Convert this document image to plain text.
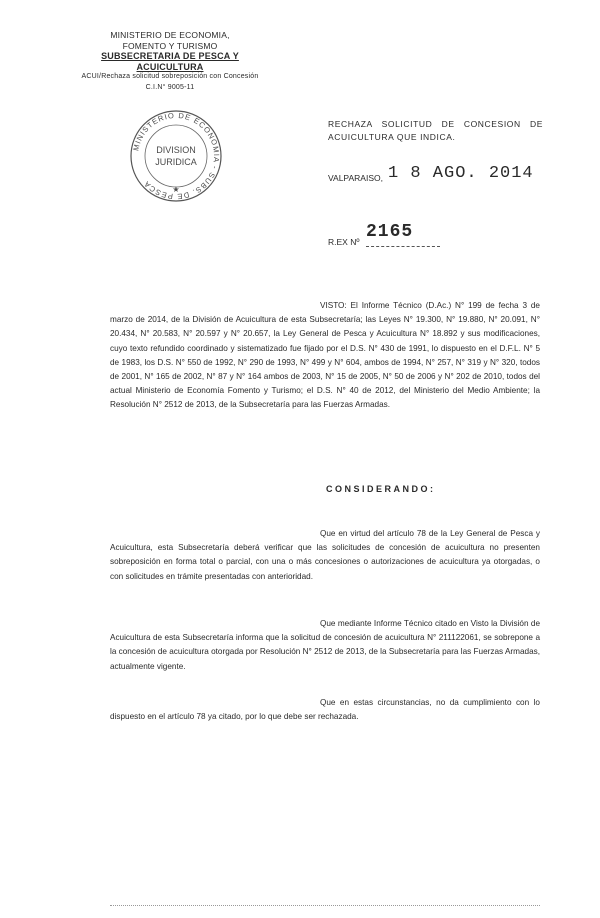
MINISTERIO DE ECONOMIA,
FOMENTO Y TURISMO
SUBSECRETARIA DE PESCA Y ACUICULTURA
ACUI/Rechaza solicitud sobreposición con Concesión
C.I.N° 9005-11
MINISTERIO DE ECONOMIA - SUBS. DE PESCA
DIVISION
JURIDICA
★
RECHAZA SOLICITUD DE CONCESION DE ACUICULTURA QUE INDICA.
VALPARAISO, 1 8 AGO. 2014
R.EX Nº 2165
VISTO: El Informe Técnico (D.Ac.) N° 199 de fecha 3 de marzo de 2014, de la División de Acuicultura de esta Subsecretaría; las Leyes N° 19.300, N° 19.880, N° 20.091, N° 20.434, N° 20.583, N° 20.597 y N° 20.657, la Ley General de Pesca y Acuicultura N° 18.892 y sus modificaciones, cuyo texto refundido coordinado y sistematizado fue fijado por el D.S. N° 430 de 1991, lo dispuesto en el D.F.L. N° 5 de 1983, los D.S. N° 550 de 1992, N° 290 de 1993, N° 499 y N° 604, ambos de 1994, N° 257, N° 319 y N° 320, todos de 2001, N° 165 de 2002, N° 87 y N° 164 ambos de 2003, N° 15 de 2005, N° 50 de 2006 y N° 202 de 2010, todos del actual Ministerio de Economía Fomento y Turismo; el D.S. N° 40 de 2012, del Ministerio del Medio Ambiente; la Resolución N° 2512 de 2013, de la Subsecretaría para las Fuerzas Armadas.
CONSIDERANDO:
Que en virtud del artículo 78 de la Ley General de Pesca y Acuicultura, esta Subsecretaría deberá verificar que las solicitudes de concesión de acuicultura no presenten sobreposición en forma total o parcial, con una o más concesiones o autorizaciones de acuicultura ya otorgadas, o con solicitudes en trámite presentadas con anterioridad.
Que mediante Informe Técnico citado en Visto la División de Acuicultura de esta Subsecretaría informa que la solicitud de concesión de acuicultura N° 211122061, se sobrepone a la concesión de acuicultura otorgada por Resolución N° 2512 de 2013, de la Subsecretaría para las Fuerzas Armadas, actualmente vigente.
Que en estas circunstancias, no da cumplimiento con lo dispuesto en el artículo 78 ya citado, por lo que debe ser rechazada.
